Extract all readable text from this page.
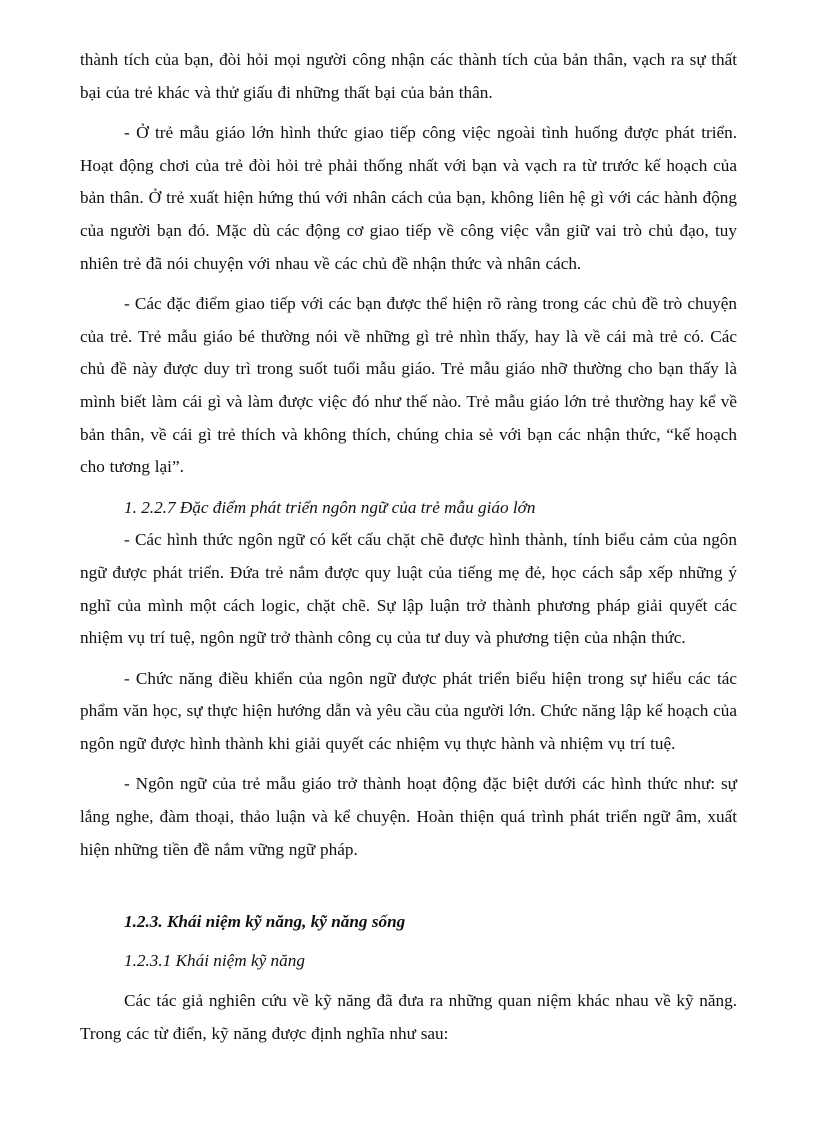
thành tích của bạn, đòi hỏi mọi người công nhận các thành tích của bản thân, vạch ra sự thất bại của trẻ khác và thử giấu đi những thất bại của bản thân.

- Ở trẻ mẫu giáo lớn hình thức giao tiếp công việc ngoài tình huống được phát triển. Hoạt động chơi của trẻ đòi hỏi trẻ phải thống nhất với bạn và vạch ra từ trước kế hoạch của bản thân. Ở trẻ xuất hiện hứng thú với nhân cách của bạn, không liên hệ gì với các hành động của người bạn đó. Mặc dù các động cơ giao tiếp về công việc vẫn giữ vai trò chủ đạo, tuy nhiên trẻ đã nói chuyện với nhau về các chủ đề nhận thức và nhân cách.

- Các đặc điểm giao tiếp với các bạn được thể hiện rõ ràng trong các chủ đề trò chuyện của trẻ. Trẻ mẫu giáo bé thường nói về những gì trẻ nhìn thấy, hay là về cái mà trẻ có. Các chủ đề này được duy trì trong suốt tuổi mẫu giáo. Trẻ mẫu giáo nhỡ thường cho bạn thấy là mình biết làm cái gì và làm được việc đó như thế nào. Trẻ mẫu giáo lớn trẻ thường hay kể về bản thân, về cái gì trẻ thích và không thích, chúng chia sẻ với bạn các nhận thức, “kế hoạch cho tương lại”.

1. 2.2.7 Đặc điểm phát triển ngôn ngữ của trẻ mẫu giáo lớn

- Các hình thức ngôn ngữ có kết cấu chặt chẽ được hình thành, tính biểu cảm của ngôn ngữ được phát triển. Đứa trẻ nắm được quy luật của tiếng mẹ đẻ, học cách sắp xếp những ý nghĩ của mình một cách logic, chặt chẽ. Sự lập luận trở thành phương pháp giải quyết các nhiệm vụ trí tuệ, ngôn ngữ trở thành công cụ của tư duy và phương tiện của nhận thức.

- Chức năng điều khiển của ngôn ngữ được phát triển biểu hiện trong sự hiểu các tác phẩm văn học, sự thực hiện hướng dẫn và yêu cầu của người lớn. Chức năng lập kế hoạch của ngôn ngữ được hình thành khi giải quyết các nhiệm vụ thực hành và nhiệm vụ trí tuệ.

- Ngôn ngữ của trẻ mẫu giáo trở thành hoạt động đặc biệt dưới các hình thức như: sự lắng nghe, đàm thoại, thảo luận và kể chuyện. Hoàn thiện quá trình phát triển ngữ âm, xuất hiện những tiền đề nắm vững ngữ pháp.

1.2.3. Khái niệm kỹ năng, kỹ năng sống

1.2.3.1 Khái niệm kỹ năng

Các tác giả nghiên cứu về kỹ năng đã đưa ra những quan niệm khác nhau về kỹ năng. Trong các từ điển, kỹ năng được định nghĩa như sau:
